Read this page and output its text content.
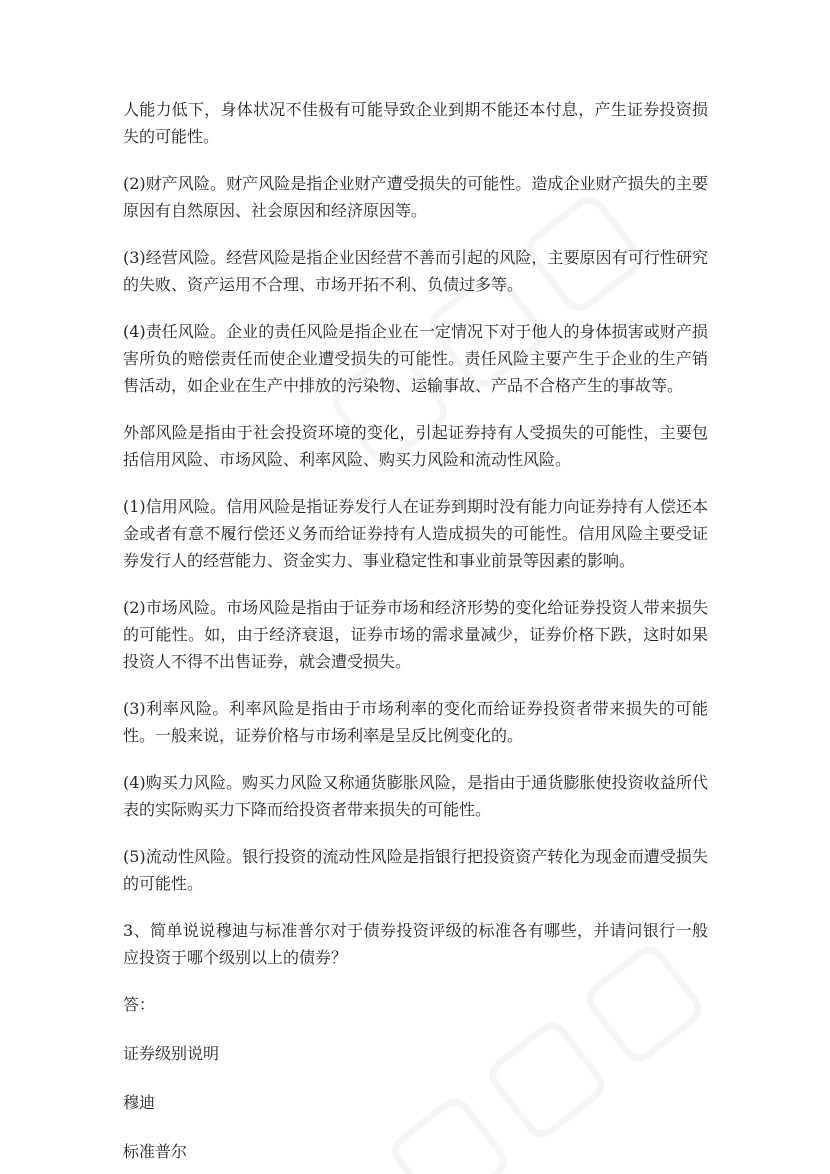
人能力低下，身体状况不佳极有可能导致企业到期不能还本付息，产生证券投资损失的可能性。

(2)财产风险。财产风险是指企业财产遭受损失的可能性。造成企业财产损失的主要原因有自然原因、社会原因和经济原因等。

(3)经营风险。经营风险是指企业因经营不善而引起的风险，主要原因有可行性研究的失败、资产运用不合理、市场开拓不利、负债过多等。

(4)责任风险。企业的责任风险是指企业在一定情况下对于他人的身体损害或财产损害所负的赔偿责任而使企业遭受损失的可能性。责任风险主要产生于企业的生产销售活动，如企业在生产中排放的污染物、运输事故、产品不合格产生的事故等。

外部风险是指由于社会投资环境的变化，引起证券持有人受损失的可能性，主要包括信用风险、市场风险、利率风险、购买力风险和流动性风险。

(1)信用风险。信用风险是指证券发行人在证券到期时没有能力向证券持有人偿还本金或者有意不履行偿还义务而给证券持有人造成损失的可能性。信用风险主要受证券发行人的经营能力、资金实力、事业稳定性和事业前景等因素的影响。

(2)市场风险。市场风险是指由于证券市场和经济形势的变化给证券投资人带来损失的可能性。如，由于经济衰退，证券市场的需求量减少，证券价格下跌，这时如果投资人不得不出售证券，就会遭受损失。

(3)利率风险。利率风险是指由于市场利率的变化而给证券投资者带来损失的可能性。一般来说，证券价格与市场利率是呈反比例变化的。

(4)购买力风险。购买力风险又称通货膨胀风险，是指由于通货膨胀使投资收益所代表的实际购买力下降而给投资者带来损失的可能性。

(5)流动性风险。银行投资的流动性风险是指银行把投资资产转化为现金而遭受损失的可能性。

3、简单说说穆迪与标准普尔对于债券投资评级的标准各有哪些，并请问银行一般应投资于哪个级别以上的债券？

答：

证券级别说明

穆迪

标准普尔
